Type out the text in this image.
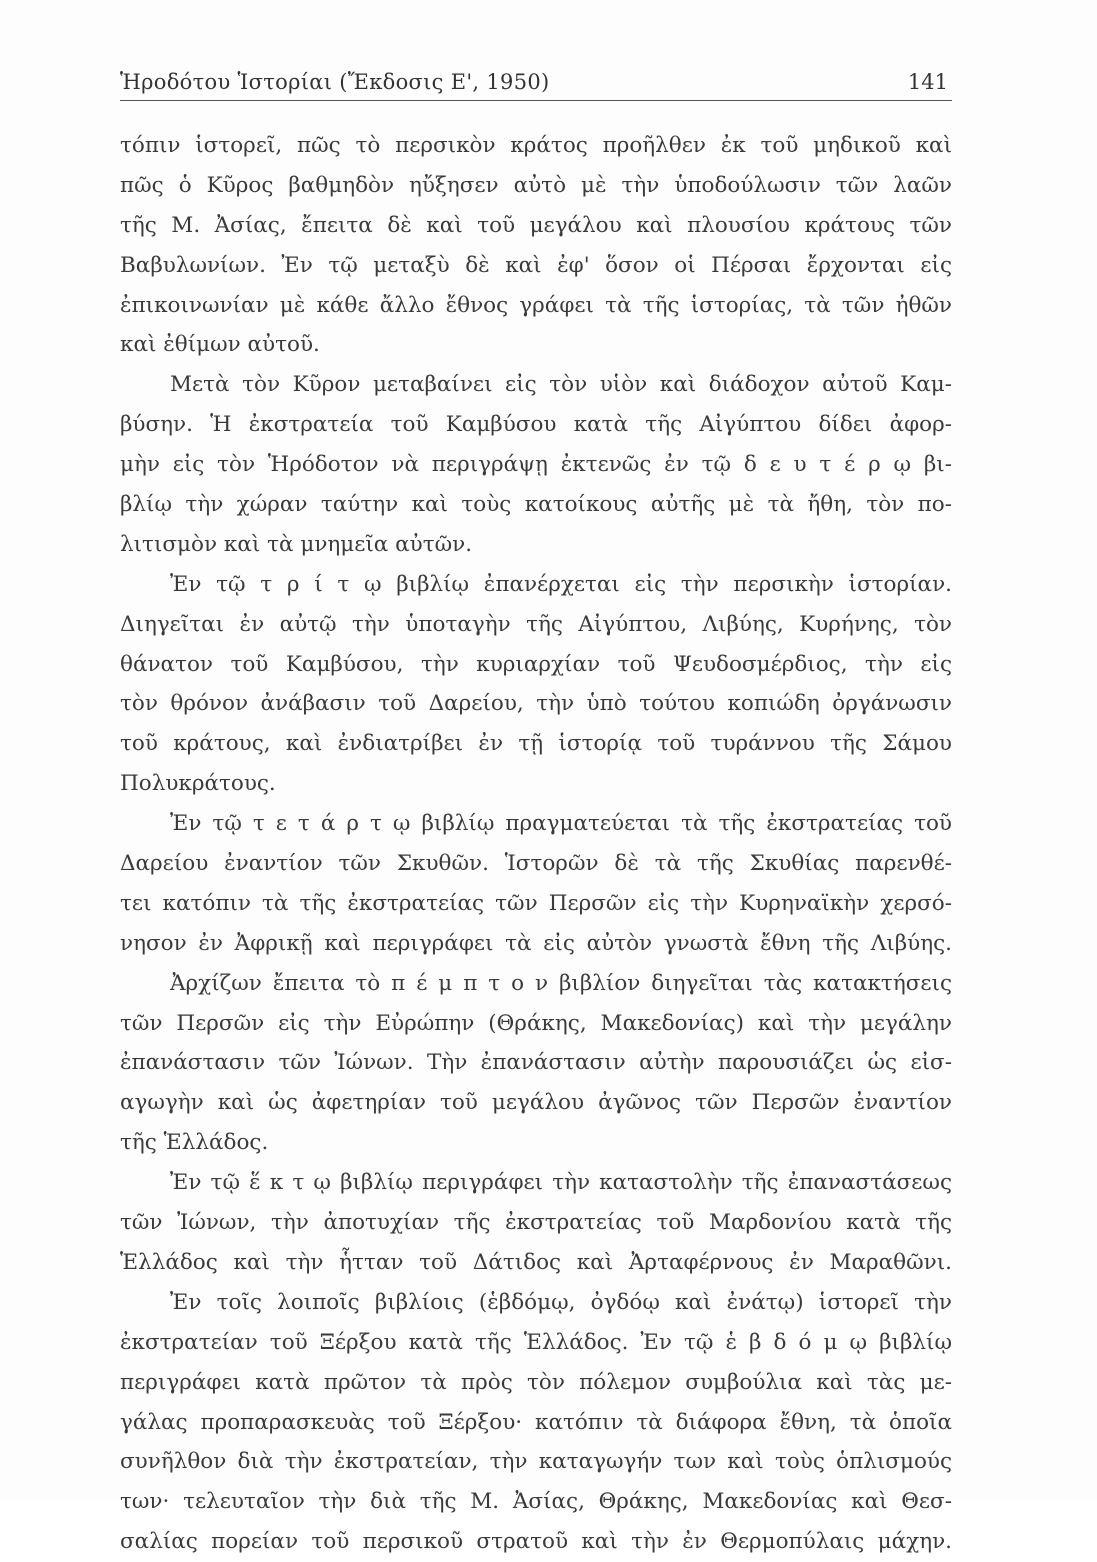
Ἡροδότου Ἱστορίαι (Ἔκδοσις Ε', 1950)	141
τόπιν ἱστορεῖ, πῶς τὸ περσικὸν κράτος προῆλθεν ἐκ τοῦ μηδικοῦ καὶ
πῶς ὁ Κῦρος βαθμηδὸν ηὔξησεν αὐτὸ μὲ τὴν ὑποδούλωσιν τῶν λαῶν
τῆς Μ. Ἀσίας, ἔπειτα δὲ καὶ τοῦ μεγάλου καὶ πλουσίου κράτους τῶν
Βαβυλωνίων. Ἐν τῷ μεταξὺ δὲ καὶ ἐφ' ὅσον οἱ Πέρσαι ἔρχονται εἰς
ἐπικοινωνίαν μὲ κάθε ἄλλο ἔθνος γράφει τὰ τῆς ἱστορίας, τὰ τῶν ἠθῶν
καὶ ἐθίμων αὐτοῦ.
Μετὰ τὸν Κῦρον μεταβαίνει εἰς τὸν υἱὸν καὶ διάδοχον αὐτοῦ Καμ-
βύσην. Ἡ ἐκστρατεία τοῦ Καμβύσου κατὰ τῆς Αἰγύπτου δίδει ἀφορ-
μὴν εἰς τὸν Ἡρόδοτον νὰ περιγράψῃ ἐκτενῶς ἐν τῷ δ ε υ τ έ ρ ῳ βι-
βλίῳ τὴν χώραν ταύτην καὶ τοὺς κατοίκους αὐτῆς μὲ τὰ ἤθη, τὸν πο-
λιτισμὸν καὶ τὰ μνημεῖα αὐτῶν.
Ἐν τῷ τ ρ ί τ ῳ βιβλίῳ ἐπανέρχεται εἰς τὴν περσικὴν ἱστορίαν.
Διηγεῖται ἐν αὐτῷ τὴν ὑποταγὴν τῆς Αἰγύπτου, Λιβύης, Κυρήνης, τὸν
θάνατον τοῦ Καμβύσου, τὴν κυριαρχίαν τοῦ Ψευδοσμέρδιος, τὴν εἰς
τὸν θρόνον ἀνάβασιν τοῦ Δαρείου, τὴν ὑπὸ τούτου κοπιώδη ὀργάνωσιν
τοῦ κράτους, καὶ ἐνδιατρίβει ἐν τῇ ἱστορίᾳ τοῦ τυράννου τῆς Σάμου
Πολυκράτους.
Ἐν τῷ τ ε τ ά ρ τ ῳ βιβλίῳ πραγματεύεται τὰ τῆς ἐκστρατείας τοῦ
Δαρείου ἐναντίον τῶν Σκυθῶν. Ἱστορῶν δὲ τὰ τῆς Σκυθίας παρενθέ-
τει κατόπιν τὰ τῆς ἐκστρατείας τῶν Περσῶν εἰς τὴν Κυρηναϊκὴν χερσό-
νησον ἐν Ἀφρικῇ καὶ περιγράφει τὰ εἰς αὐτὸν γνωστὰ ἔθνη τῆς Λιβύης.
Ἀρχίζων ἔπειτα τὸ π έ μ π τ ο ν βιβλίον διηγεῖται τὰς κατακτήσεις
τῶν Περσῶν εἰς τὴν Εὐρώπην (Θράκης, Μακεδονίας) καὶ τὴν μεγάλην
ἐπανάστασιν τῶν Ἰώνων. Τὴν ἐπανάστασιν αὐτὴν παρουσιάζει ὡς εἰσ-
αγωγὴν καὶ ὡς ἀφετηρίαν τοῦ μεγάλου ἀγῶνος τῶν Περσῶν ἐναντίον
τῆς Ἑλλάδος.
Ἐν τῷ ἕ κ τ ῳ βιβλίῳ περιγράφει τὴν καταστολὴν τῆς ἐπαναστάσεως
τῶν Ἰώνων, τὴν ἀποτυχίαν τῆς ἐκστρατείας τοῦ Μαρδονίου κατὰ τῆς
Ἑλλάδος καὶ τὴν ἧτταν τοῦ Δάτιδος καὶ Ἀρταφέρνους ἐν Μαραθῶνι.
Ἐν τοῖς λοιποῖς βιβλίοις (ἑβδόμῳ, ὀγδόῳ καὶ ἐνάτῳ) ἱστορεῖ τὴν
ἐκστρατείαν τοῦ Ξέρξου κατὰ τῆς Ἑλλάδος. Ἐν τῷ ἑ β δ ό μ ῳ βιβλίῳ
περιγράφει κατὰ πρῶτον τὰ πρὸς τὸν πόλεμον συμβούλια καὶ τὰς με-
γάλας προπαρασκευὰς τοῦ Ξέρξου· κατόπιν τὰ διάφορα ἔθνη, τὰ ὁποῖα
συνῆλθον διὰ τὴν ἐκστρατείαν, τὴν καταγωγήν των καὶ τοὺς ὁπλισμούς
των· τελευταῖον τὴν διὰ τῆς Μ. Ἀσίας, Θράκης, Μακεδονίας καὶ Θεσ-
σαλίας πορείαν τοῦ περσικοῦ στρατοῦ καὶ τὴν ἐν Θερμοπύλαις μάχην.
